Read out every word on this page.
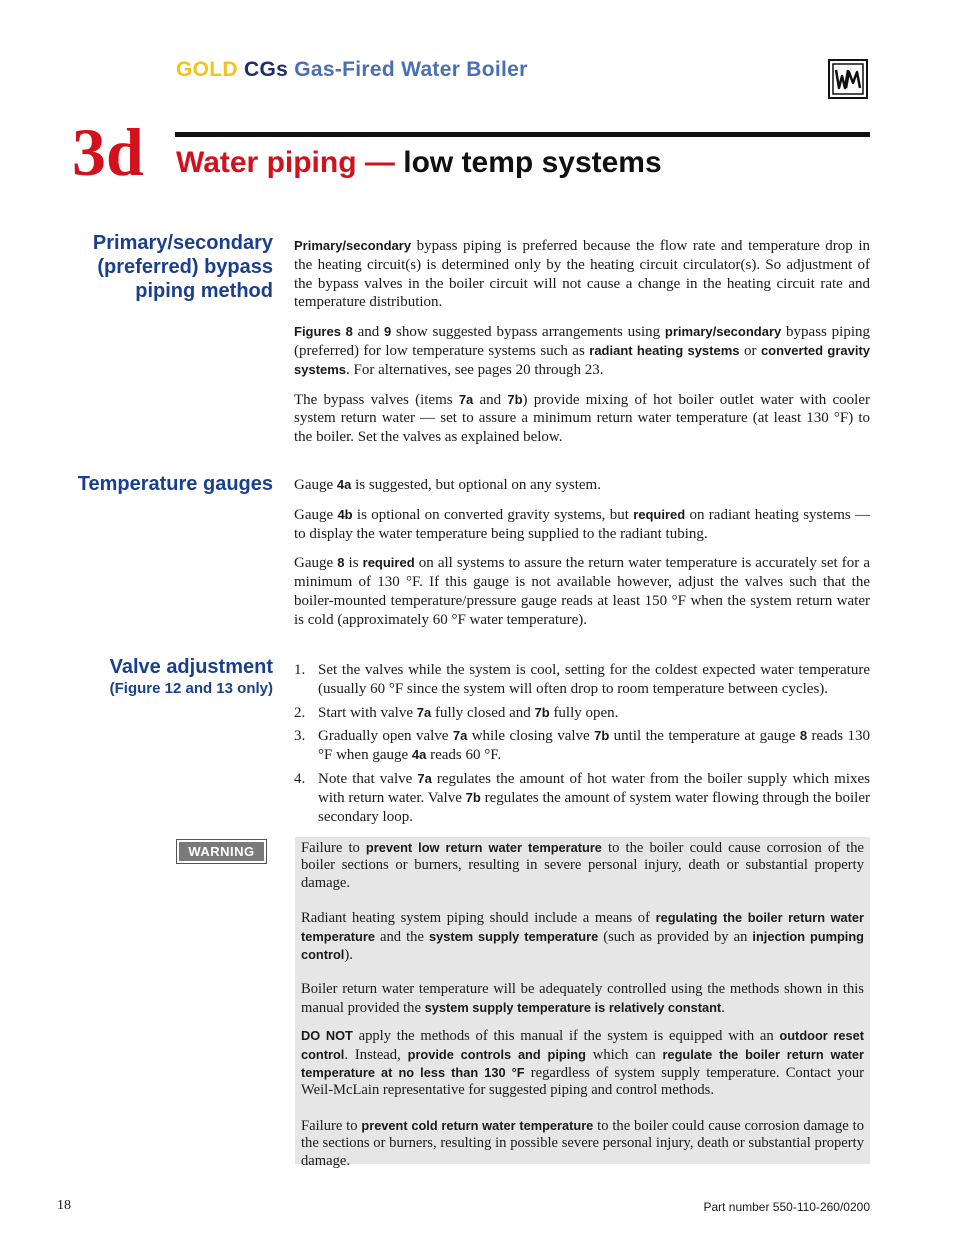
GOLD CGs Gas-Fired Water Boiler
3d Water piping — low temp systems
Primary/secondary
(preferred) bypass
piping method

Primary/secondary bypass piping is preferred because the flow rate and temperature drop in the heating circuit(s) is determined only by the heating circuit circulator(s). So adjustment of the bypass valves in the boiler circuit will not cause a change in the heating circuit rate and temperature distribution.

Figures 8 and 9 show suggested bypass arrangements using primary/secondary bypass piping (preferred) for low temperature systems such as radiant heating systems or converted gravity systems. For alternatives, see pages 20 through 23.

The bypass valves (items 7a and 7b) provide mixing of hot boiler outlet water with cooler system return water — set to assure a minimum return water temperature (at least 130 °F) to the boiler. Set the valves as explained below.

Temperature gauges Gauge 4a is suggested, but optional on any system.

Gauge 4b is optional on converted gravity systems, but required on radiant heating systems — to display the water temperature being supplied to the radiant tubing.

Gauge 8 is required on all systems to assure the return water temperature is accurately set for a minimum of 130 °F. If this gauge is not available however, adjust the valves such that the boiler-mounted temperature/pressure gauge reads at least 150 °F when the system return water is cold (approximately 60 °F water temperature).

Valve adjustment
(Figure 12 and 13 only)
1. Set the valves while the system is cool, setting for the coldest expected water temperature (usually 60 °F since the system will often drop to room temperature between cycles).
2. Start with valve 7a fully closed and 7b fully open.
3. Gradually open valve 7a while closing valve 7b until the temperature at gauge 8 reads 130 °F when gauge 4a reads 60 °F.
4. Note that valve 7a regulates the amount of hot water from the boiler supply which mixes with return water. Valve 7b regulates the amount of system water flowing through the boiler secondary loop.
WARNING	Failure to prevent low return water temperature to the boiler could cause corrosion of the boiler sections or burners, resulting in severe personal injury, death or substantial property damage.

Radiant heating system piping should include a means of regulating the boiler return water temperature and the system supply temperature (such as provided by an injection pumping control).

Boiler return water temperature will be adequately controlled using the methods shown in this manual provided the system supply temperature is relatively constant.

DO NOT apply the methods of this manual if the system is equipped with an outdoor reset control. Instead, provide controls and piping which can regulate the boiler return water temperature at no less than 130 °F regardless of system supply temperature. Contact your Weil-McLain representative for suggested piping and control methods.

Failure to prevent cold return water temperature to the boiler could cause corrosion damage to the sections or burners, resulting in possible severe personal injury, death or substantial property damage.

18	Part number 550-110-260/0200
